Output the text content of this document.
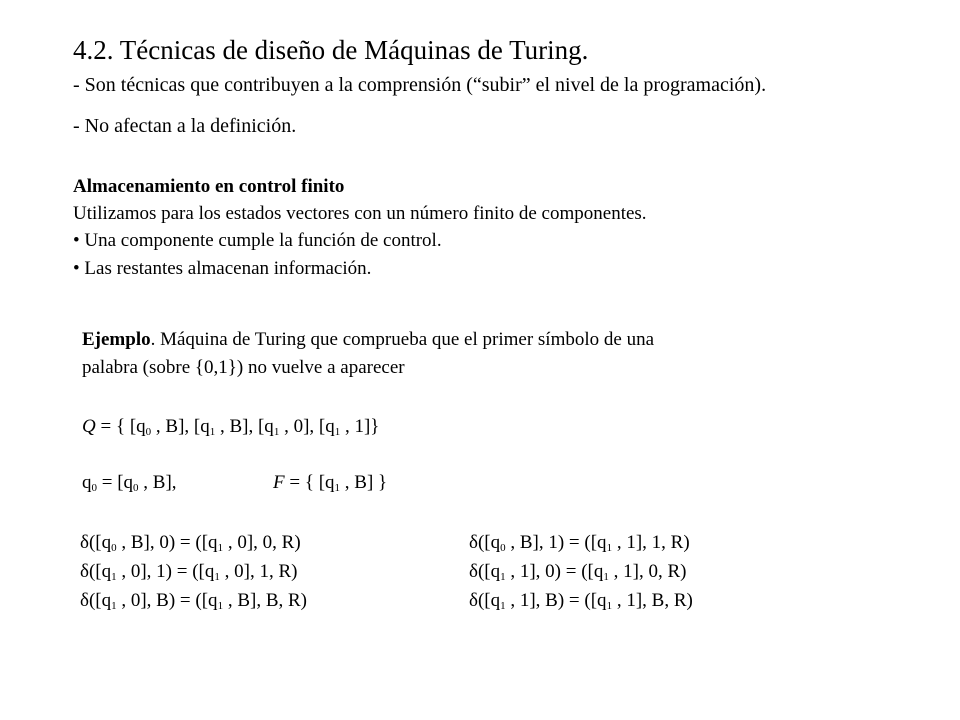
4.2. Técnicas de diseño de Máquinas de Turing.
- Son técnicas que contribuyen a la comprensión (“subir” el nivel de la programación).
- No afectan a la definición.
Almacenamiento en control finito
Utilizamos para los estados vectores con un número finito de componentes.
• Una componente cumple la función de control.
• Las restantes almacenan información.
Ejemplo. Máquina de Turing que comprueba que el primer símbolo de una
palabra (sobre {0,1}) no vuelve a aparecer
Q = { [$q_0$ , B], [$q_1$ , B], [$q_1$ , 0], [$q_1$ , 1]}
$q_0 = [q_0$ , B],	F = { [$q_1$ , B] }
$\delta([q_0$ , B], $0) = ([q_1$ , 0], 0, R)
$\delta([q_1$ , 0], $1) = ([q_1$ , 0], 1, R)
$\delta([q_1$ , 0], $B) = ([q_1$ , B], B, R)
$\delta([q_0$ , B], $1) = ([q_1$ , 1], 1, R)
$\delta([q_1$ , 1], $0) = ([q_1$ , 1], 0, R)
$\delta([q_1$ , 1], $B) = ([q_1$ , 1], B, R)
